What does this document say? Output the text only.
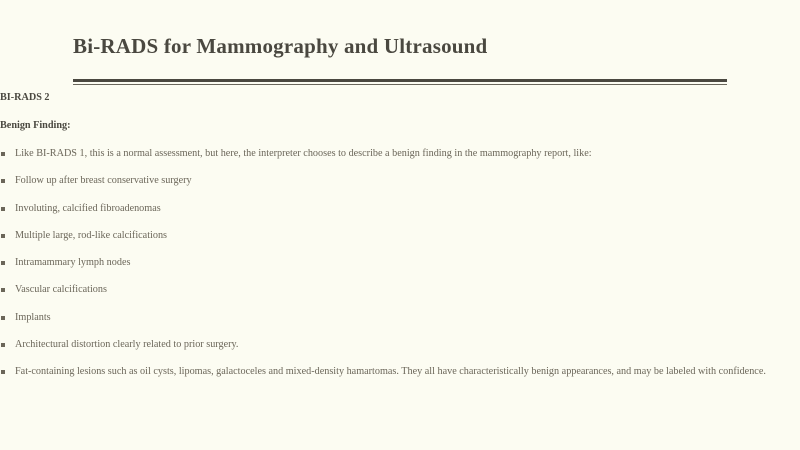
Bi-RADS for Mammography and Ultrasound

BI-RADS 2

Benign Finding:

Like BI-RADS 1, this is a normal assessment, but here, the interpreter chooses to describe a benign finding in the mammography report, like:
Follow up after breast conservative surgery
Involuting, calcified fibroadenomas
Multiple large, rod-like calcifications
Intramammary lymph nodes
Vascular calcifications
Implants
Architectural distortion clearly related to prior surgery.
Fat-containing lesions such as oil cysts, lipomas, galactoceles and mixed-density hamartomas. They all have characteristically benign appearances, and may be labeled with confidence.
